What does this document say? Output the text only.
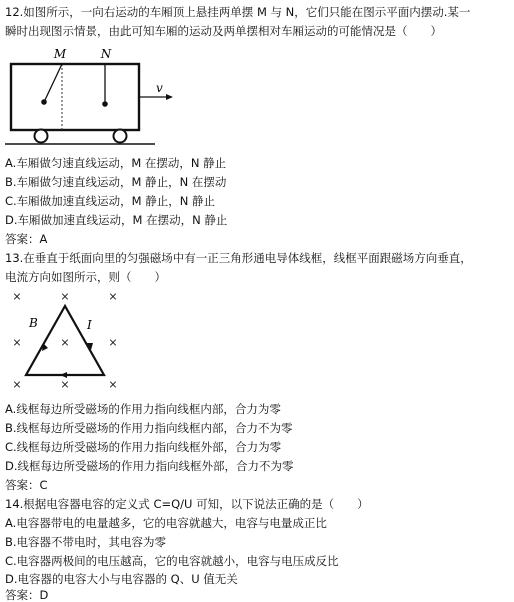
12.如图所示，一向右运动的车厢顶上悬挂两单摆 M 与 N，它们只能在图示平面内摆动.某一
瞬时出现图示情景，由此可知车厢的运动及两单摆相对车厢运动的可能情况是（　　）
M	N
v
A.车厢做匀速直线运动，M 在摆动，N 静止
B.车厢做匀速直线运动，M 静止，N 在摆动
C.车厢做加速直线运动，M 静止，N 静止
D.车厢做加速直线运动，M 在摆动，N 静止
答案：A
13.在垂直于纸面向里的匀强磁场中有一正三角形通电导体线框，线框平面跟磁场方向垂直，
电流方向如图所示，则（　　）
×	×	×
×	×	×
×	×	×
B	I
A.线框每边所受磁场的作用力指向线框内部，合力为零
B.线框每边所受磁场的作用力指向线框内部，合力不为零
C.线框每边所受磁场的作用力指向线框外部，合力为零
D.线框每边所受磁场的作用力指向线框外部，合力不为零
答案：C
14.根据电容器电容的定义式 C=Q/U 可知，以下说法正确的是（　　）
A.电容器带电的电量越多，它的电容就越大，电容与电量成正比
B.电容器不带电时，其电容为零
C.电容器两极间的电压越高，它的电容就越小，电容与电压成反比
D.电容器的电容大小与电容器的 Q、U 值无关
答案：D
